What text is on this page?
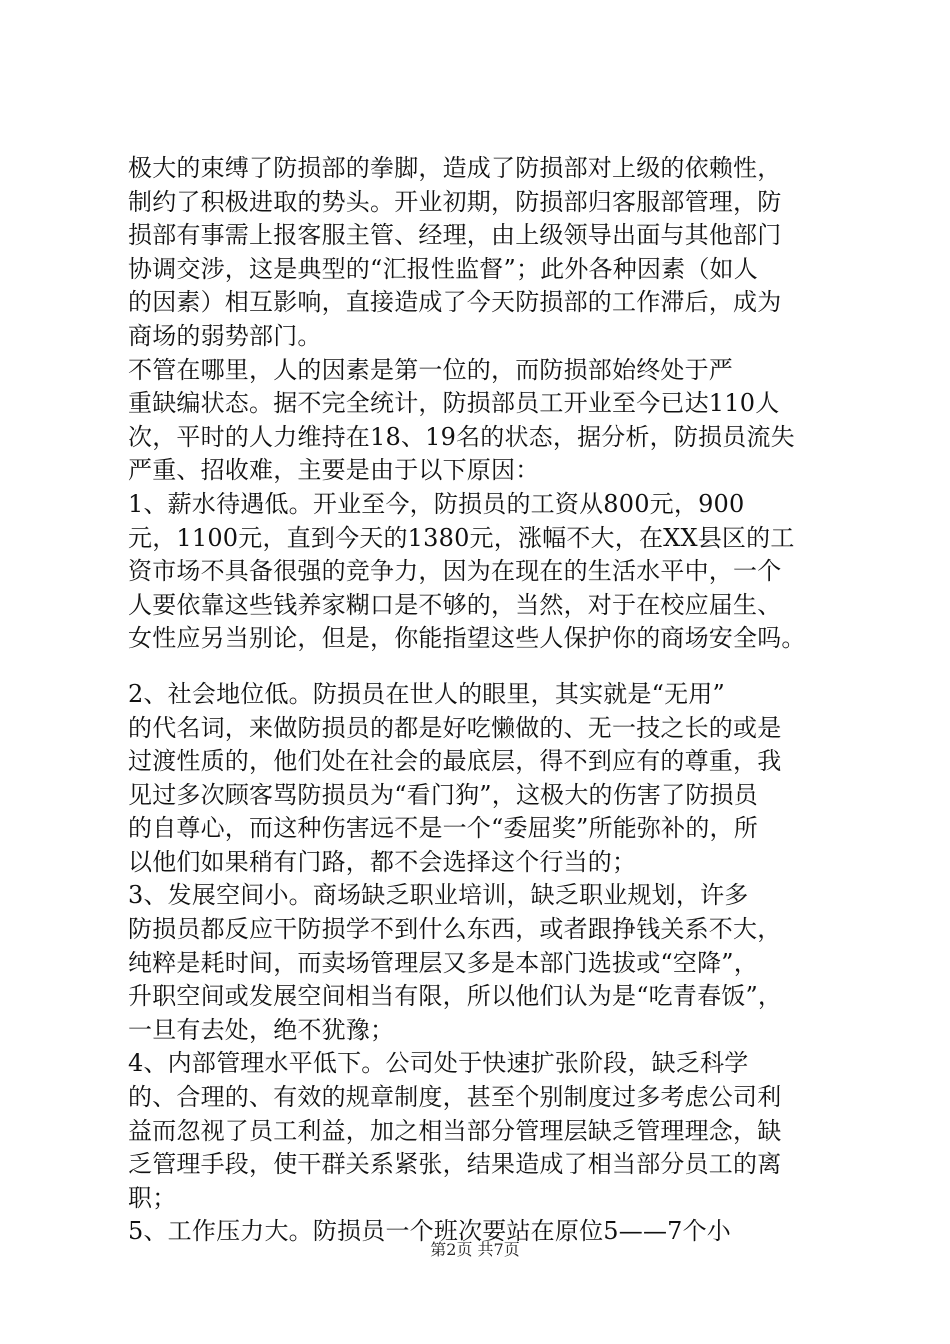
极大的束缚了防损部的拳脚，造成了防损部对上级的依赖性，
制约了积极进取的势头。开业初期，防损部归客服部管理，防
损部有事需上报客服主管、经理，由上级领导出面与其他部门
协调交涉，这是典型的“汇报性监督”；此外各种因素（如人
的因素）相互影响，直接造成了今天防损部的工作滞后，成为
商场的弱势部门。
不管在哪里，人的因素是第一位的，而防损部始终处于严
重缺编状态。据不完全统计，防损部员工开业至今已达110人
次，平时的人力维持在18、19名的状态，据分析，防损员流失
严重、招收难，主要是由于以下原因：
1、薪水待遇低。开业至今，防损员的工资从800元，900
元，1100元，直到今天的1380元，涨幅不大，在XX县区的工
资市场不具备很强的竞争力，因为在现在的生活水平中，一个
人要依靠这些钱养家糊口是不够的，当然，对于在校应届生、
女性应另当别论，但是，你能指望这些人保护你的商场安全吗。
2、社会地位低。防损员在世人的眼里，其实就是“无用”
的代名词，来做防损员的都是好吃懒做的、无一技之长的或是
过渡性质的，他们处在社会的最底层，得不到应有的尊重，我
见过多次顾客骂防损员为“看门狗”，这极大的伤害了防损员
的自尊心，而这种伤害远不是一个“委屈奖”所能弥补的，所
以他们如果稍有门路，都不会选择这个行当的；
3、发展空间小。商场缺乏职业培训，缺乏职业规划，许多
防损员都反应干防损学不到什么东西，或者跟挣钱关系不大，
纯粹是耗时间，而卖场管理层又多是本部门选拔或“空降”，
升职空间或发展空间相当有限，所以他们认为是“吃青春饭”，
一旦有去处，绝不犹豫；
4、内部管理水平低下。公司处于快速扩张阶段，缺乏科学
的、合理的、有效的规章制度，甚至个别制度过多考虑公司利
益而忽视了员工利益，加之相当部分管理层缺乏管理理念，缺
乏管理手段，使干群关系紧张，结果造成了相当部分员工的离
职；
5、工作压力大。防损员一个班次要站在原位5——7个小
第2页 共7页
